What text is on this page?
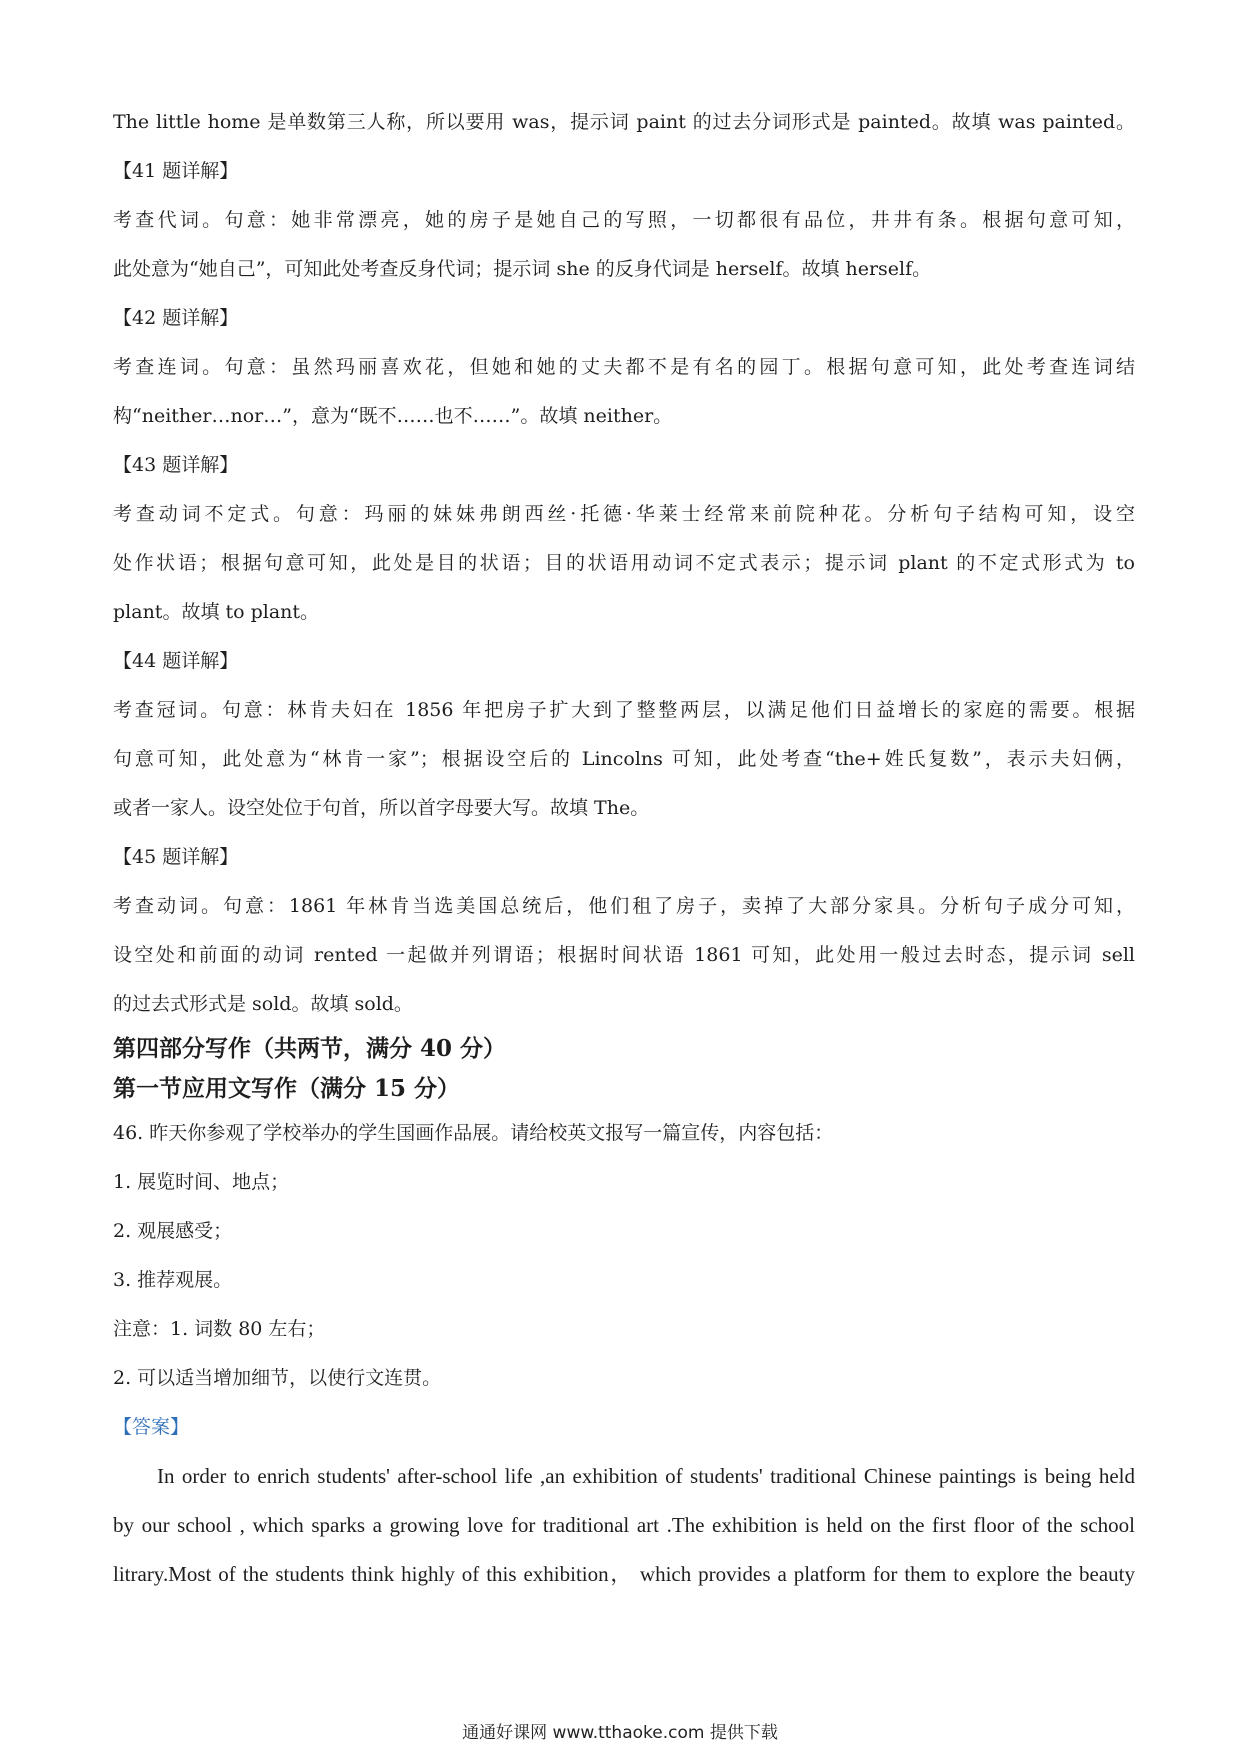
The little home 是单数第三人称，所以要用 was，提示词 paint 的过去分词形式是 painted。故填 was painted。
【41 题详解】
考查代词。句意：她非常漂亮，她的房子是她自己的写照，一切都很有品位，井井有条。根据句意可知，
此处意为“她自己”，可知此处考查反身代词；提示词 she 的反身代词是 herself。故填 herself。
【42 题详解】
考查连词。句意：虽然玛丽喜欢花，但她和她的丈夫都不是有名的园丁。根据句意可知，此处考查连词结
构“neither…nor…”，意为“既不……也不……”。故填 neither。
【43 题详解】
考查动词不定式。句意：玛丽的妹妹弗朗西丝·托德·华莱士经常来前院种花。分析句子结构可知，设空
处作状语；根据句意可知，此处是目的状语；目的状语用动词不定式表示；提示词 plant 的不定式形式为 to
plant。故填 to plant。
【44 题详解】
考查冠词。句意：林肯夫妇在 1856 年把房子扩大到了整整两层，以满足他们日益增长的家庭的需要。根据
句意可知，此处意为“林肯一家”；根据设空后的 Lincolns 可知，此处考查“the+姓氏复数”，表示夫妇俩，
或者一家人。设空处位于句首，所以首字母要大写。故填 The。
【45 题详解】
考查动词。句意：1861 年林肯当选美国总统后，他们租了房子，卖掉了大部分家具。分析句子成分可知，
设空处和前面的动词 rented 一起做并列谓语；根据时间状语 1861 可知，此处用一般过去时态，提示词 sell
的过去式形式是 sold。故填 sold。
第四部分写作（共两节，满分 40 分）
第一节应用文写作（满分 15 分）
46. 昨天你参观了学校举办的学生国画作品展。请给校英文报写一篇宣传，内容包括：
1. 展览时间、地点；
2. 观展感受；
3. 推荐观展。
注意：1. 词数 80 左右；
2. 可以适当增加细节，以使行文连贯。
【答案】
In order to enrich students' after-school life ,an exhibition of students' traditional Chinese paintings is being held
by our school , which sparks a growing love for traditional art .The exhibition is held on the first floor of the school
litrary.Most of the students think highly of this exhibition， which provides a platform for them to explore the beauty
通通好课网 www.tthaoke.com 提供下载
